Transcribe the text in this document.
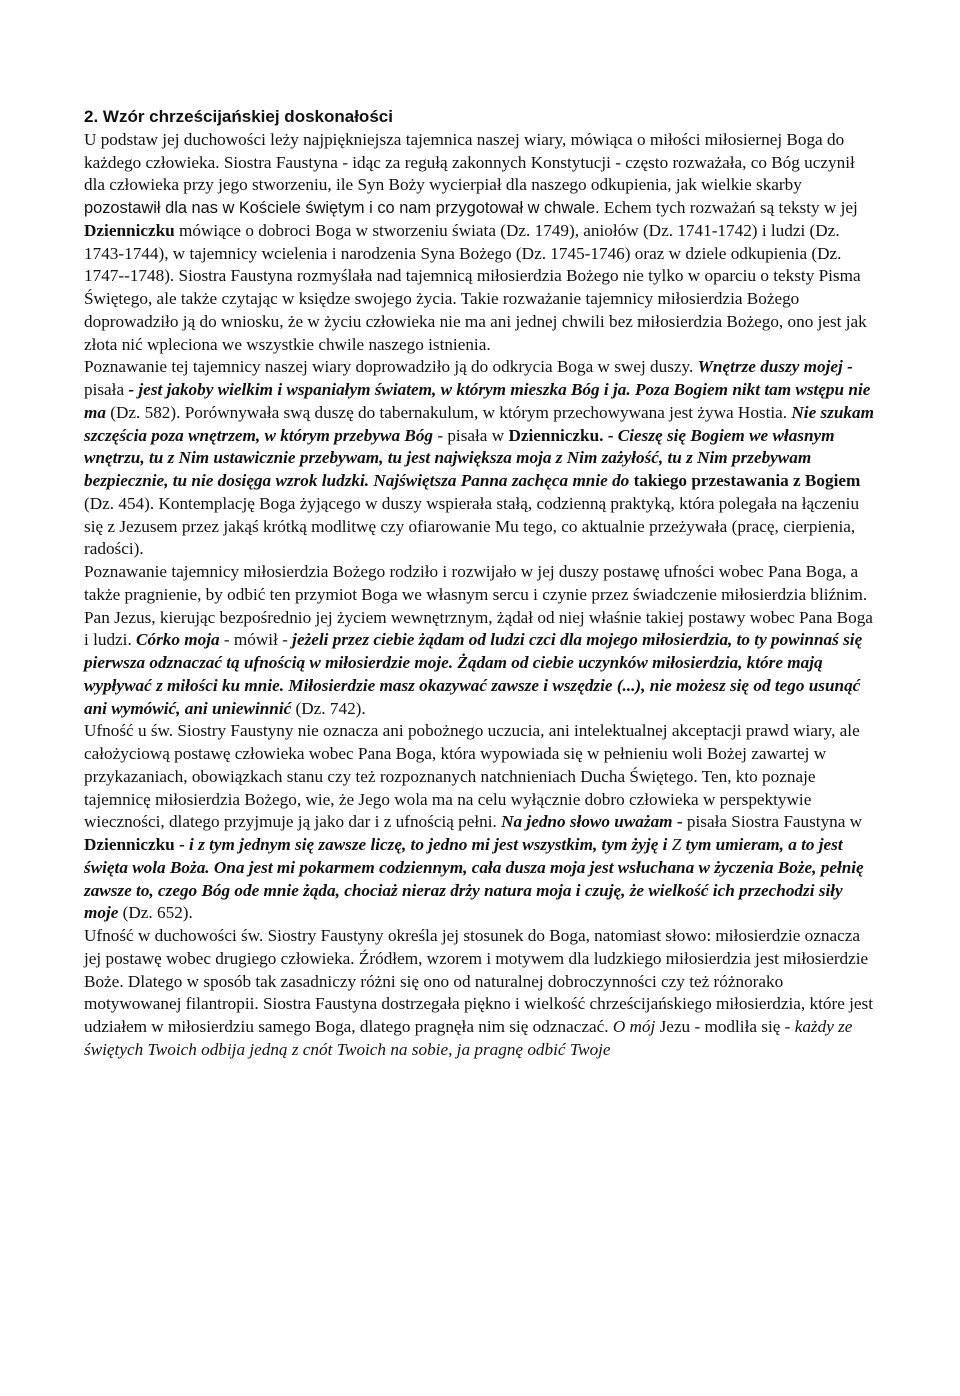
2. Wzór chrześcijańskiej doskonałości

U podstaw jej duchowości leży najpiękniejsza tajemnica naszej wiary, mówiąca o miłości miłosiernej Boga do każdego człowieka. Siostra Faustyna - idąc za regułą zakonnych Konstytucji - często rozważała, co Bóg uczynił dla człowieka przy jego stworzeniu, ile Syn Boży wycierpiał dla naszego odkupienia, jak wielkie skarby pozostawił dla nas w Kościele świętym i co nam przygotował w chwale. Echem tych rozważań są teksty w jej Dzienniczku mówiące o dobroci Boga w stworzeniu świata (Dz. 1749), aniołów (Dz. 1741-1742) i ludzi (Dz. 1743-1744), w tajemnicy wcielenia i narodzenia Syna Bożego (Dz. 1745-1746) oraz w dziele odkupienia (Dz. 1747--1748). Siostra Faustyna rozmyślała nad tajemnicą miłosierdzia Bożego nie tylko w oparciu o teksty Pisma Świętego, ale także czytając w księdze swojego życia. Takie rozważanie tajemnicy miłosierdzia Bożego doprowadziło ją do wniosku, że w życiu człowieka nie ma ani jednej chwili bez miłosierdzia Bożego, ono jest jak złota nić wpleciona we wszystkie chwile naszego istnienia.

Poznawanie tej tajemnicy naszej wiary doprowadziło ją do odkrycia Boga w swej duszy. Wnętrze duszy mojej - pisała - jest jakoby wielkim i wspaniałym światem, w którym mieszka Bóg i ja. Poza Bogiem nikt tam wstępu nie ma (Dz. 582). Porównywała swą duszę do tabernakulum, w którym przechowywana jest żywa Hostia. Nie szukam szczęścia poza wnętrzem, w którym przebywa Bóg - pisała w Dzienniczku. - Cieszę się Bogiem we własnym wnętrzu, tu z Nim ustawicznie przebywam, tu jest największa moja z Nim zażyłość, tu z Nim przebywam bezpiecznie, tu nie dosięga wzrok ludzki. Najświętsza Panna zachęca mnie do takiego przestawania z Bogiem (Dz. 454). Kontemplację Boga żyjącego w duszy wspierała stałą, codzienną praktyką, która polegała na łączeniu się z Jezusem przez jakąś krótką modlitwę czy ofiarowanie Mu tego, co aktualnie przeżywała (pracę, cierpienia, radości).

Poznawanie tajemnicy miłosierdzia Bożego rodziło i rozwijało w jej duszy postawę ufności wobec Pana Boga, a także pragnienie, by odbić ten przymiot Boga we własnym sercu i czynie przez świadczenie miłosierdzia bliźnim. Pan Jezus, kierując bezpośrednio jej życiem wewnętrznym, żądał od niej właśnie takiej postawy wobec Pana Boga i ludzi. Córko moja - mówił - jeżeli przez ciebie żądam od ludzi czci dla mojego miłosierdzia, to ty powinnaś się pierwsza odznaczać tą ufnością w miłosierdzie moje. Żądam od ciebie uczynków miłosierdzia, które mają wypływać z miłości ku mnie. Miłosierdzie masz okazywać zawsze i wszędzie (...), nie możesz się od tego usunąć ani wymówić, ani uniewinnić (Dz. 742).

Ufność u św. Siostry Faustyny nie oznacza ani pobożnego uczucia, ani intelektualnej akceptacji prawd wiary, ale całożyciową postawę człowieka wobec Pana Boga, która wypowiada się w pełnieniu woli Bożej zawartej w przykazaniach, obowiązkach stanu czy też rozpoznanych natchnieniach Ducha Świętego. Ten, kto poznaje tajemnicę miłosierdzia Bożego, wie, że Jego wola ma na celu wyłącznie dobro człowieka w perspektywie wieczności, dlatego przyjmuje ją jako dar i z ufnością pełni. Na jedno słowo uważam - pisała Siostra Faustyna w Dzienniczku - i z tym jednym się zawsze liczę, to jedno mi jest wszystkim, tym żyję i Z tym umieram, a to jest święta wola Boża. Ona jest mi pokarmem codziennym, cała dusza moja jest wsłuchana w życzenia Boże, pełnię zawsze to, czego Bóg ode mnie żąda, chociaż nieraz drży natura moja i czuję, że wielkość ich przechodzi siły moje (Dz. 652).

Ufność w duchowości św. Siostry Faustyny określa jej stosunek do Boga, natomiast słowo: miłosierdzie oznacza jej postawę wobec drugiego człowieka. Źródłem, wzorem i motywem dla ludzkiego miłosierdzia jest miłosierdzie Boże. Dlatego w sposób tak zasadniczy różni się ono od naturalnej dobroczynności czy też różnorako motywowanej filantropii. Siostra Faustyna dostrzegała piękno i wielkość chrześcijańskiego miłosierdzia, które jest udziałem w miłosierdziu samego Boga, dlatego pragnęła nim się odznaczać. O mój Jezu - modliła się - każdy ze świętych Twoich odbija jedną z cnót Twoich na sobie, ja pragnę odbić Twoje
